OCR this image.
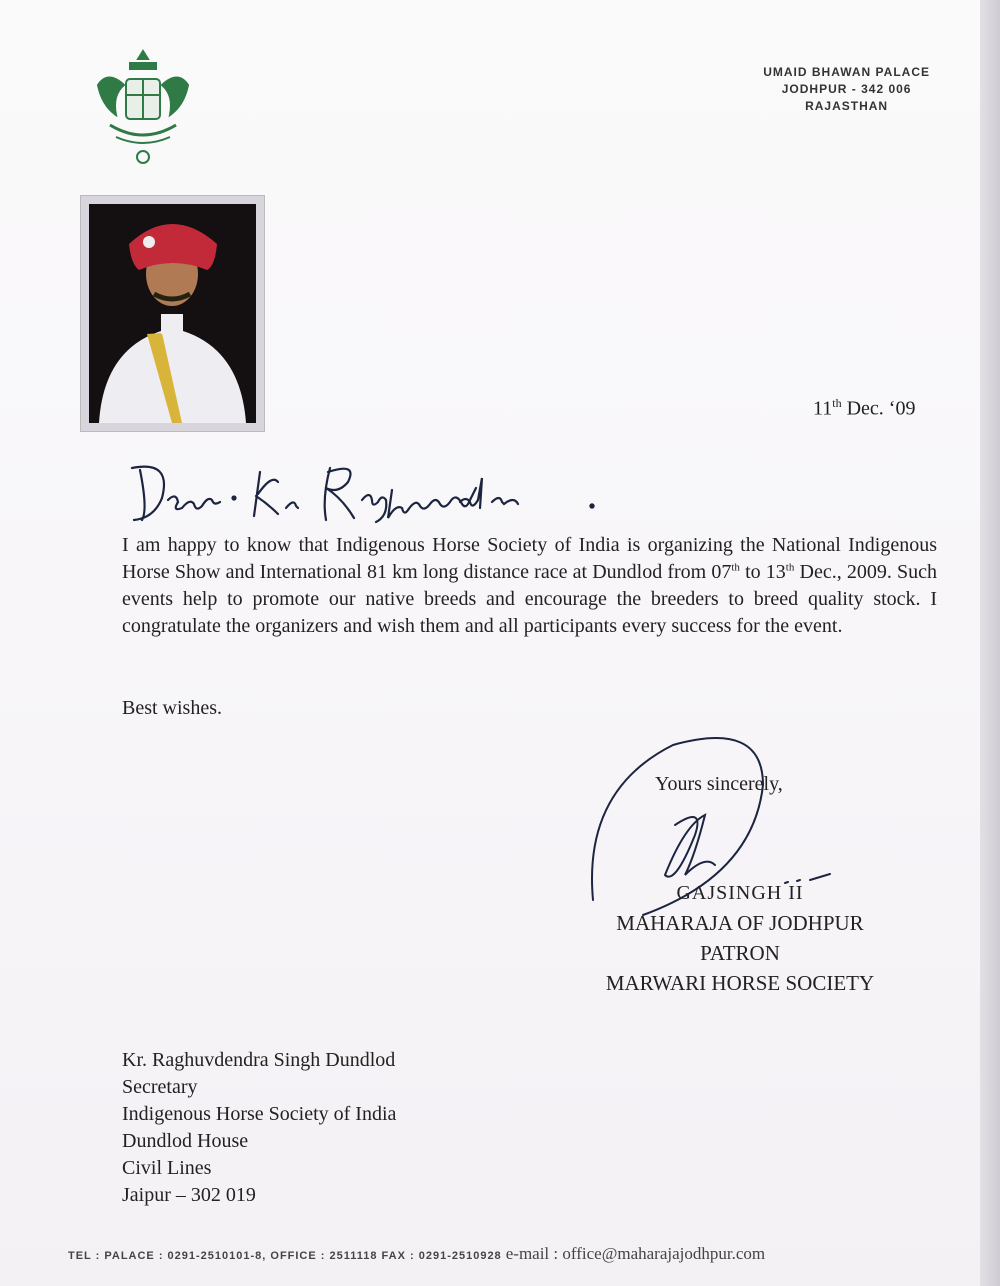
UMAID BHAWAN PALACE
JODHPUR - 342 006
RAJASTHAN
11th Dec. ‘09
I am happy to know that Indigenous Horse Society of India is organizing the National Indigenous Horse Show and International 81 km long distance race at Dundlod from 07th to 13th Dec., 2009. Such events help to promote our native breeds and encourage the breeders to breed quality stock. I congratulate the organizers and wish them and all participants every success for the event.
Best wishes.
Yours sincerely,
GAJSINGH II
MAHARAJA OF JODHPUR
PATRON
MARWARI HORSE SOCIETY
Kr. Raghuvdendra Singh Dundlod
Secretary
Indigenous Horse Society of India
Dundlod House
Civil Lines
Jaipur – 302 019
TEL : PALACE : 0291-2510101-8, OFFICE : 2511118 FAX : 0291-2510928 e-mail : office@maharajajodhpur.com
